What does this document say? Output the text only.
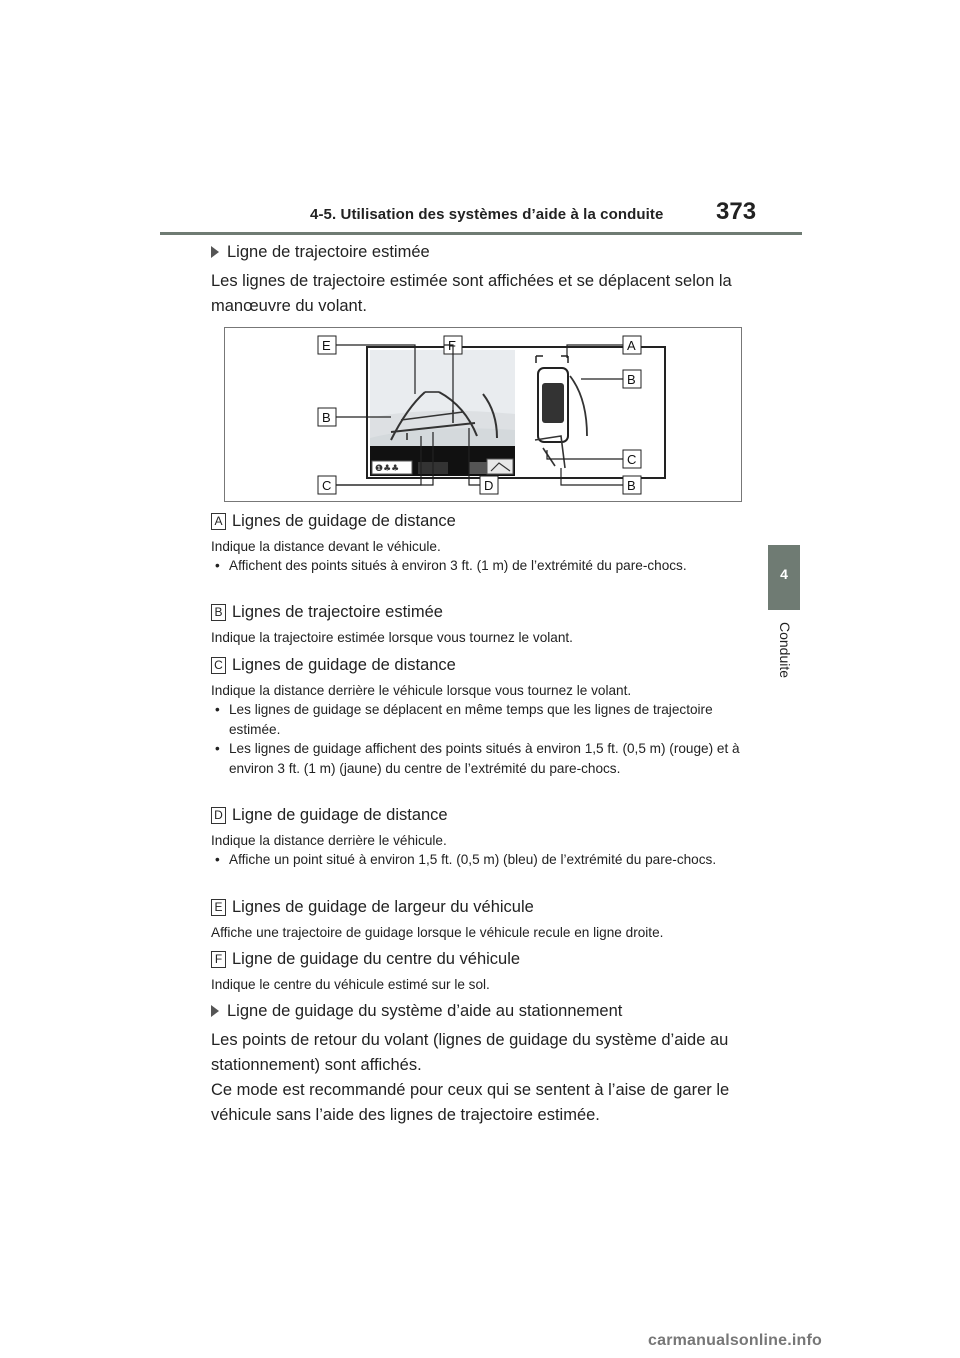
4-5. Utilisation des systèmes d’aide à la conduite 373
4
Conduite
Ligne de trajectoire estimée
Les lignes de trajectoire estimée sont affichées et se déplacent selon la manœuvre du volant.
❶♣♣
E	F	A
B
B
C
C	D	B
A Lignes de guidage de distance
Indique la distance devant le véhicule.
• Affichent des points situés à environ 3 ft. (1 m) de l’extrémité du pare-chocs.
B Lignes de trajectoire estimée
Indique la trajectoire estimée lorsque vous tournez le volant.
C Lignes de guidage de distance
Indique la distance derrière le véhicule lorsque vous tournez le volant.
• Les lignes de guidage se déplacent en même temps que les lignes de trajectoire estimée.
• Les lignes de guidage affichent des points situés à environ 1,5 ft. (0,5 m) (rouge) et à environ 3 ft. (1 m) (jaune) du centre de l’extrémité du pare-chocs.
D Ligne de guidage de distance
Indique la distance derrière le véhicule.
• Affiche un point situé à environ 1,5 ft. (0,5 m) (bleu) de l’extrémité du pare-chocs.
E Lignes de guidage de largeur du véhicule
Affiche une trajectoire de guidage lorsque le véhicule recule en ligne droite.
F Ligne de guidage du centre du véhicule
Indique le centre du véhicule estimé sur le sol.
Ligne de guidage du système d’aide au stationnement
Les points de retour du volant (lignes de guidage du système d’aide au stationnement) sont affichés.
Ce mode est recommandé pour ceux qui se sentent à l’aise de garer le véhicule sans l’aide des lignes de trajectoire estimée.
carmanualsonline.info
